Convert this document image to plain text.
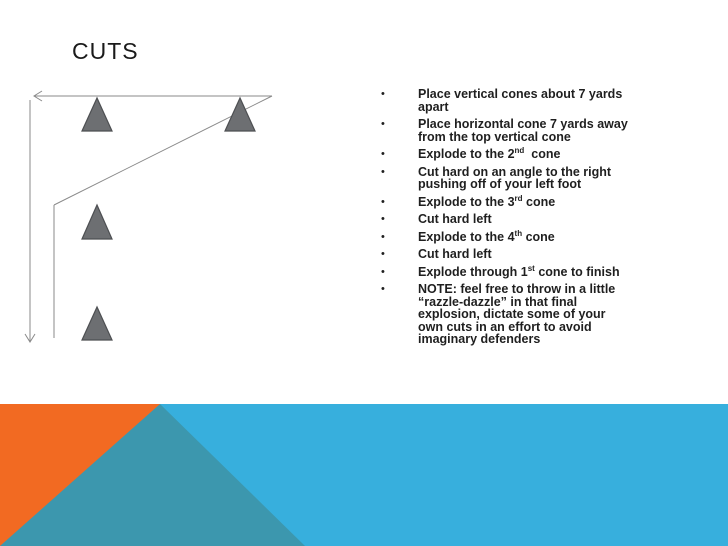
CUTS
•	Place vertical cones about 7 yards apart
•	Place horizontal cone 7 yards away from the top vertical cone
•	Explode to the 2nd  cone
•	Cut hard on an angle to the right pushing off of your left foot
•	Explode to the 3rd cone
•	Cut hard left
•	Explode to the 4th cone
•	Cut hard left
•	Explode through 1st cone to finish
•	NOTE: feel free to throw in a little “razzle-dazzle” in that final explosion, dictate some of your own cuts in an effort to avoid imaginary defenders
